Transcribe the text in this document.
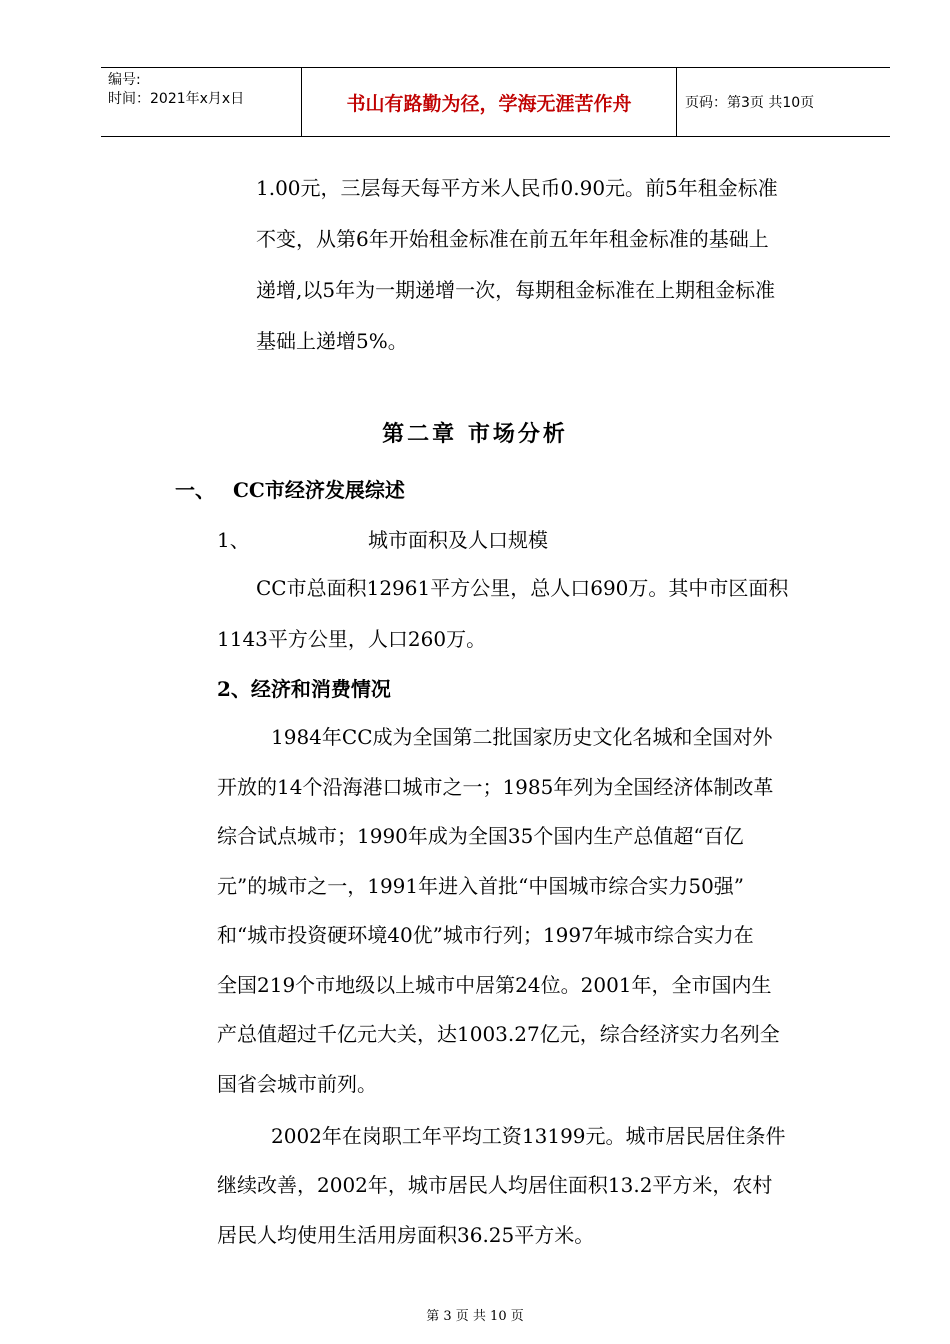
编号:
时间：2021年x月x日	书山有路勤为径，学海无涯苦作舟	页码：第3页 共10页
1.00元，三层每天每平方米人民币0.90元。前5年租金标准
不变，从第6年开始租金标准在前五年年租金标准的基础上
递增,以5年为一期递增一次，每期租金标准在上期租金标准
基础上递增5%。
第二章 市场分析
一、 CC市经济发展综述
1、	城市面积及人口规模
CC市总面积12961平方公里，总人口690万。其中市区面积
1143平方公里，人口260万。
2、经济和消费情况
1984年CC成为全国第二批国家历史文化名城和全国对外
开放的14个沿海港口城市之一；1985年列为全国经济体制改革
综合试点城市；1990年成为全国35个国内生产总值超“百亿
元”的城市之一，1991年进入首批“中国城市综合实力50强”
和“城市投资硬环境40优”城市行列；1997年城市综合实力在
全国219个市地级以上城市中居第24位。2001年，全市国内生
产总值超过千亿元大关，达1003.27亿元，综合经济实力名列全
国省会城市前列。
2002年在岗职工年平均工资13199元。城市居民居住条件
继续改善，2002年，城市居民人均居住面积13.2平方米，农村
居民人均使用生活用房面积36.25平方米。
第 3 页 共 10 页
